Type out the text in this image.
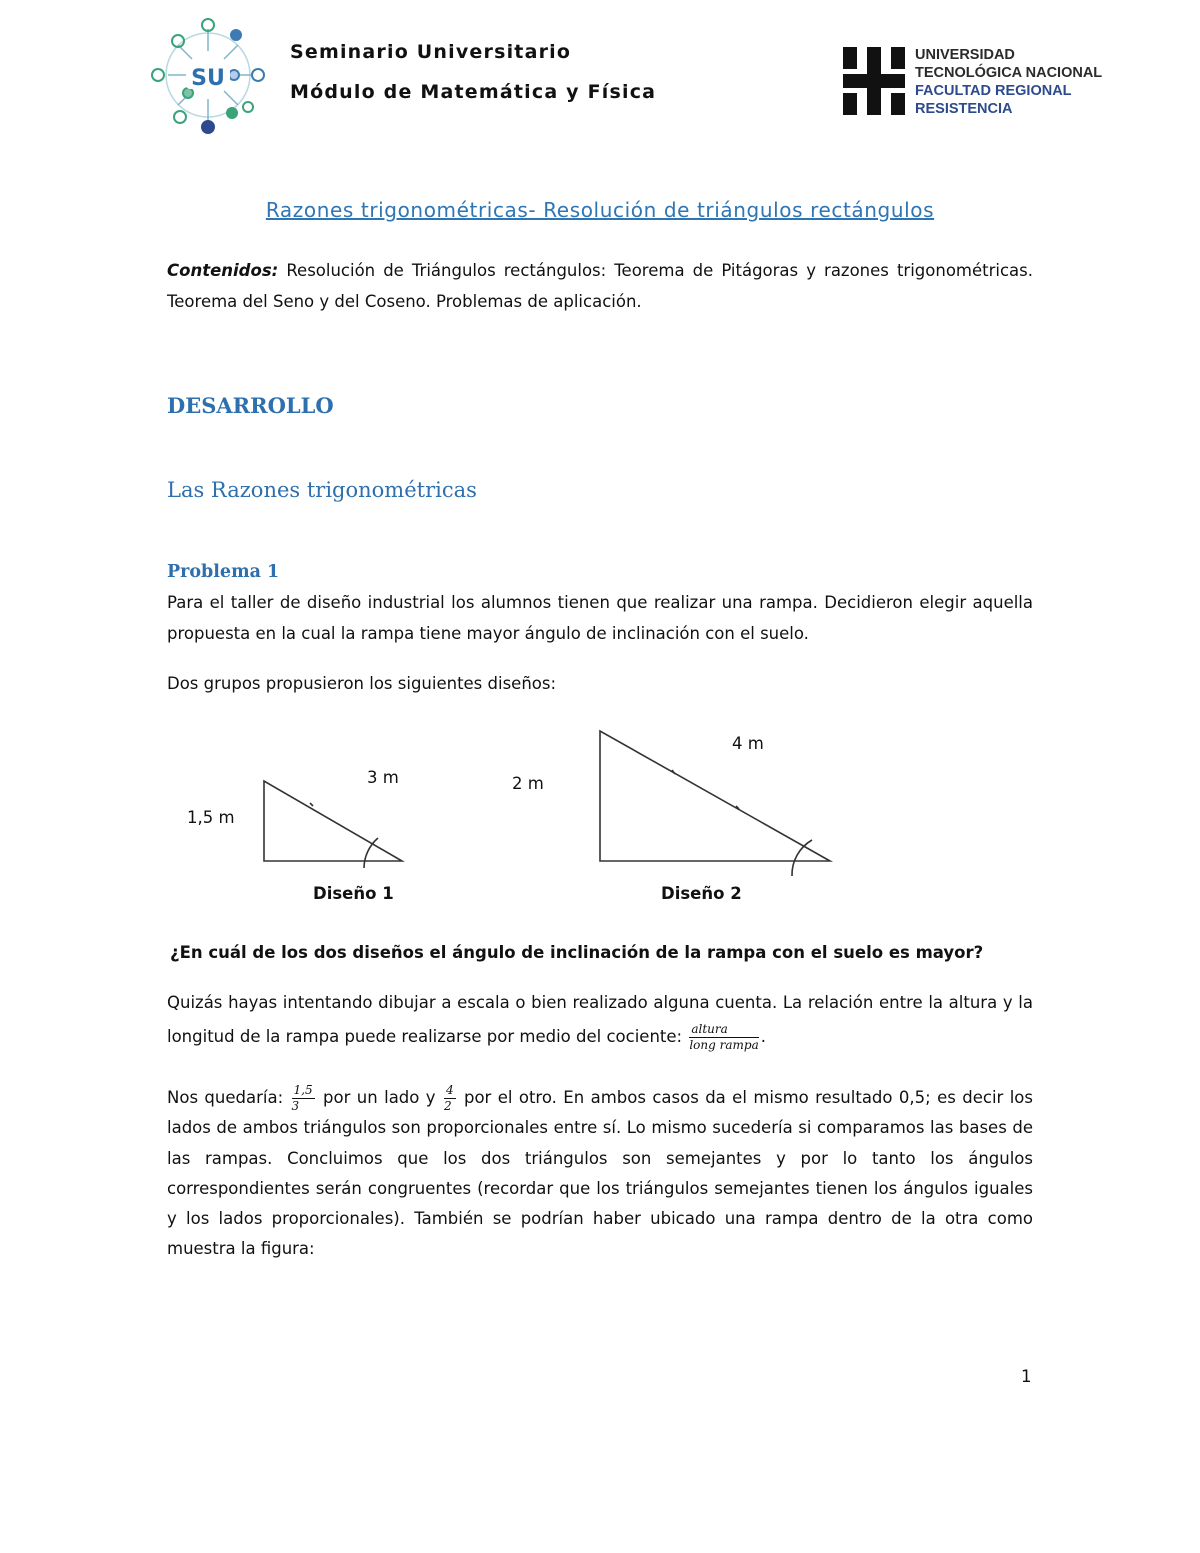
SU
Seminario Universitario
Módulo de Matemática y Física
UNIVERSIDAD
TECNOLÓGICA NACIONAL
FACULTAD REGIONAL
RESISTENCIA
Razones trigonométricas- Resolución de triángulos rectángulos
Contenidos: Resolución de Triángulos rectángulos: Teorema de Pitágoras y razones trigonométricas. Teorema del Seno y del Coseno. Problemas de aplicación.
DESARROLLO
Las Razones trigonométricas
Problema 1
Para el taller de diseño industrial los alumnos tienen que realizar una rampa. Decidieron elegir aquella propuesta en la cual la rampa tiene mayor ángulo de inclinación con el suelo.
Dos grupos propusieron los siguientes diseños:
1,5 m
3 m
Diseño 1
2 m
4 m
Diseño 2
¿En cuál de los dos diseños el ángulo de inclinación de la rampa con el suelo es mayor?
Quizás hayas intentando dibujar a escala o bien realizado alguna cuenta. La relación entre la altura y la longitud de la rampa puede realizarse por medio del cociente: $\frac{\text{altura}}{\text{long rampa}}$ .
Nos quedaría: $\frac{1,5}{3}$ por un lado y $\frac{4}{2}$ por el otro. En ambos casos da el mismo resultado 0,5; es decir los lados de ambos triángulos son proporcionales entre sí. Lo mismo sucedería si comparamos las bases de las rampas. Concluimos que los dos triángulos son semejantes y por lo tanto los ángulos correspondientes serán congruentes (recordar que los triángulos semejantes tienen los ángulos iguales y los lados proporcionales). También se podrían haber ubicado una rampa dentro de la otra como muestra la figura:
1
